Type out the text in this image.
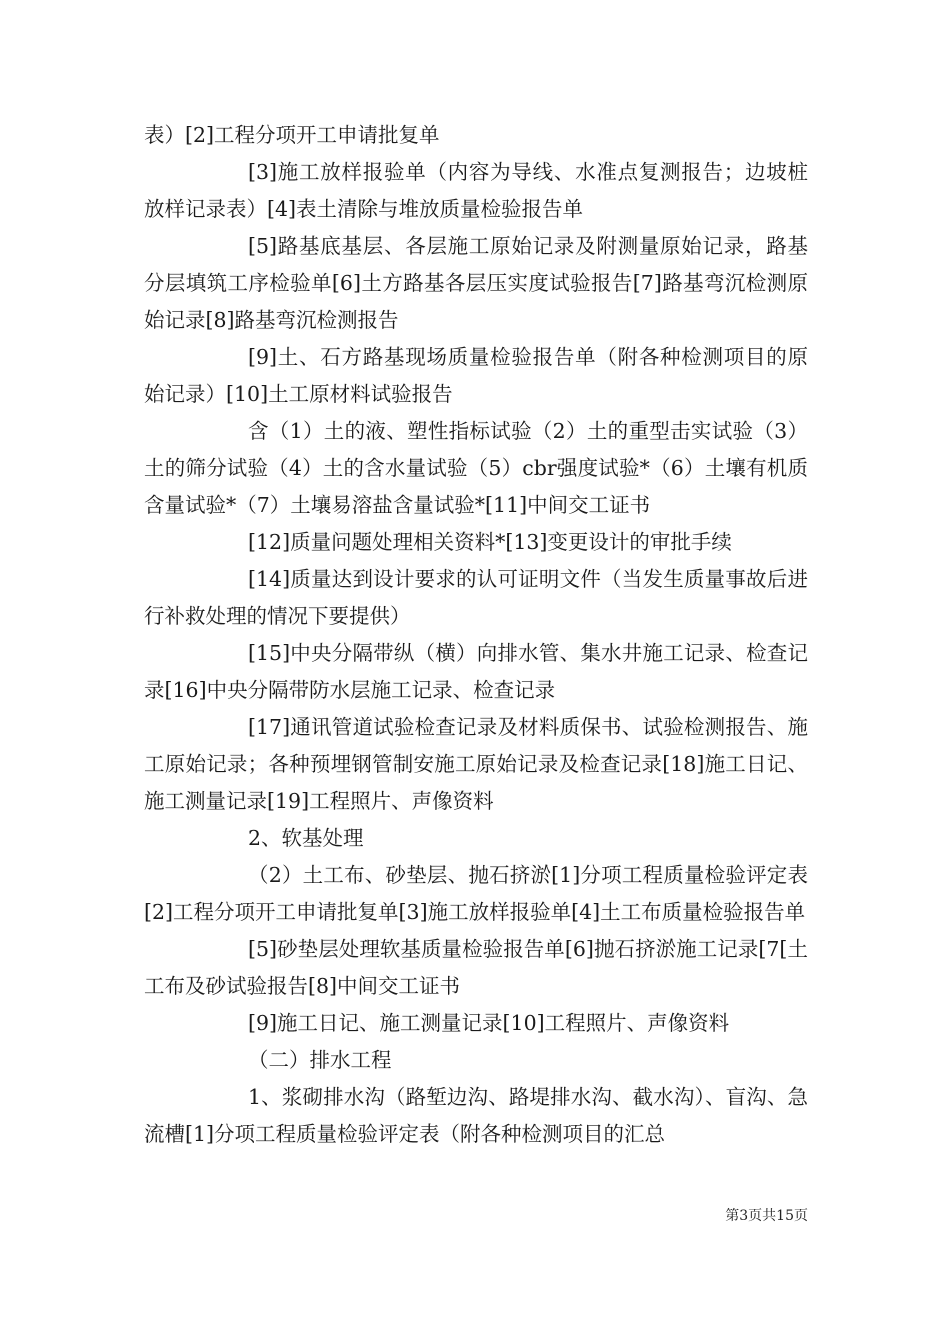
表）[2]工程分项开工申请批复单

[3]施工放样报验单（内容为导线、水准点复测报告；边坡桩放样记录表）[4]表土清除与堆放质量检验报告单

[5]路基底基层、各层施工原始记录及附测量原始记录，路基分层填筑工序检验单[6]土方路基各层压实度试验报告[7]路基弯沉检测原始记录[8]路基弯沉检测报告

[9]土、石方路基现场质量检验报告单（附各种检测项目的原始记录）[10]土工原材料试验报告

含（1）土的液、塑性指标试验（2）土的重型击实试验（3）土的筛分试验（4）土的含水量试验（5）cbr强度试验*（6）土壤有机质含量试验*（7）土壤易溶盐含量试验*[11]中间交工证书

[12]质量问题处理相关资料*[13]变更设计的审批手续

[14]质量达到设计要求的认可证明文件（当发生质量事故后进行补救处理的情况下要提供）

[15]中央分隔带纵（横）向排水管、集水井施工记录、检查记录[16]中央分隔带防水层施工记录、检查记录

[17]通讯管道试验检查记录及材料质保书、试验检测报告、施工原始记录；各种预埋钢管制安施工原始记录及检查记录[18]施工日记、施工测量记录[19]工程照片、声像资料

2、软基处理

（2）土工布、砂垫层、抛石挤淤[1]分项工程质量检验评定表[2]工程分项开工申请批复单[3]施工放样报验单[4]土工布质量检验报告单

[5]砂垫层处理软基质量检验报告单[6]抛石挤淤施工记录[7[土工布及砂试验报告[8]中间交工证书

[9]施工日记、施工测量记录[10]工程照片、声像资料

（二）排水工程

1、浆砌排水沟（路堑边沟、路堤排水沟、截水沟）、盲沟、急流槽[1]分项工程质量检验评定表（附各种检测项目的汇总

第3页共15页
